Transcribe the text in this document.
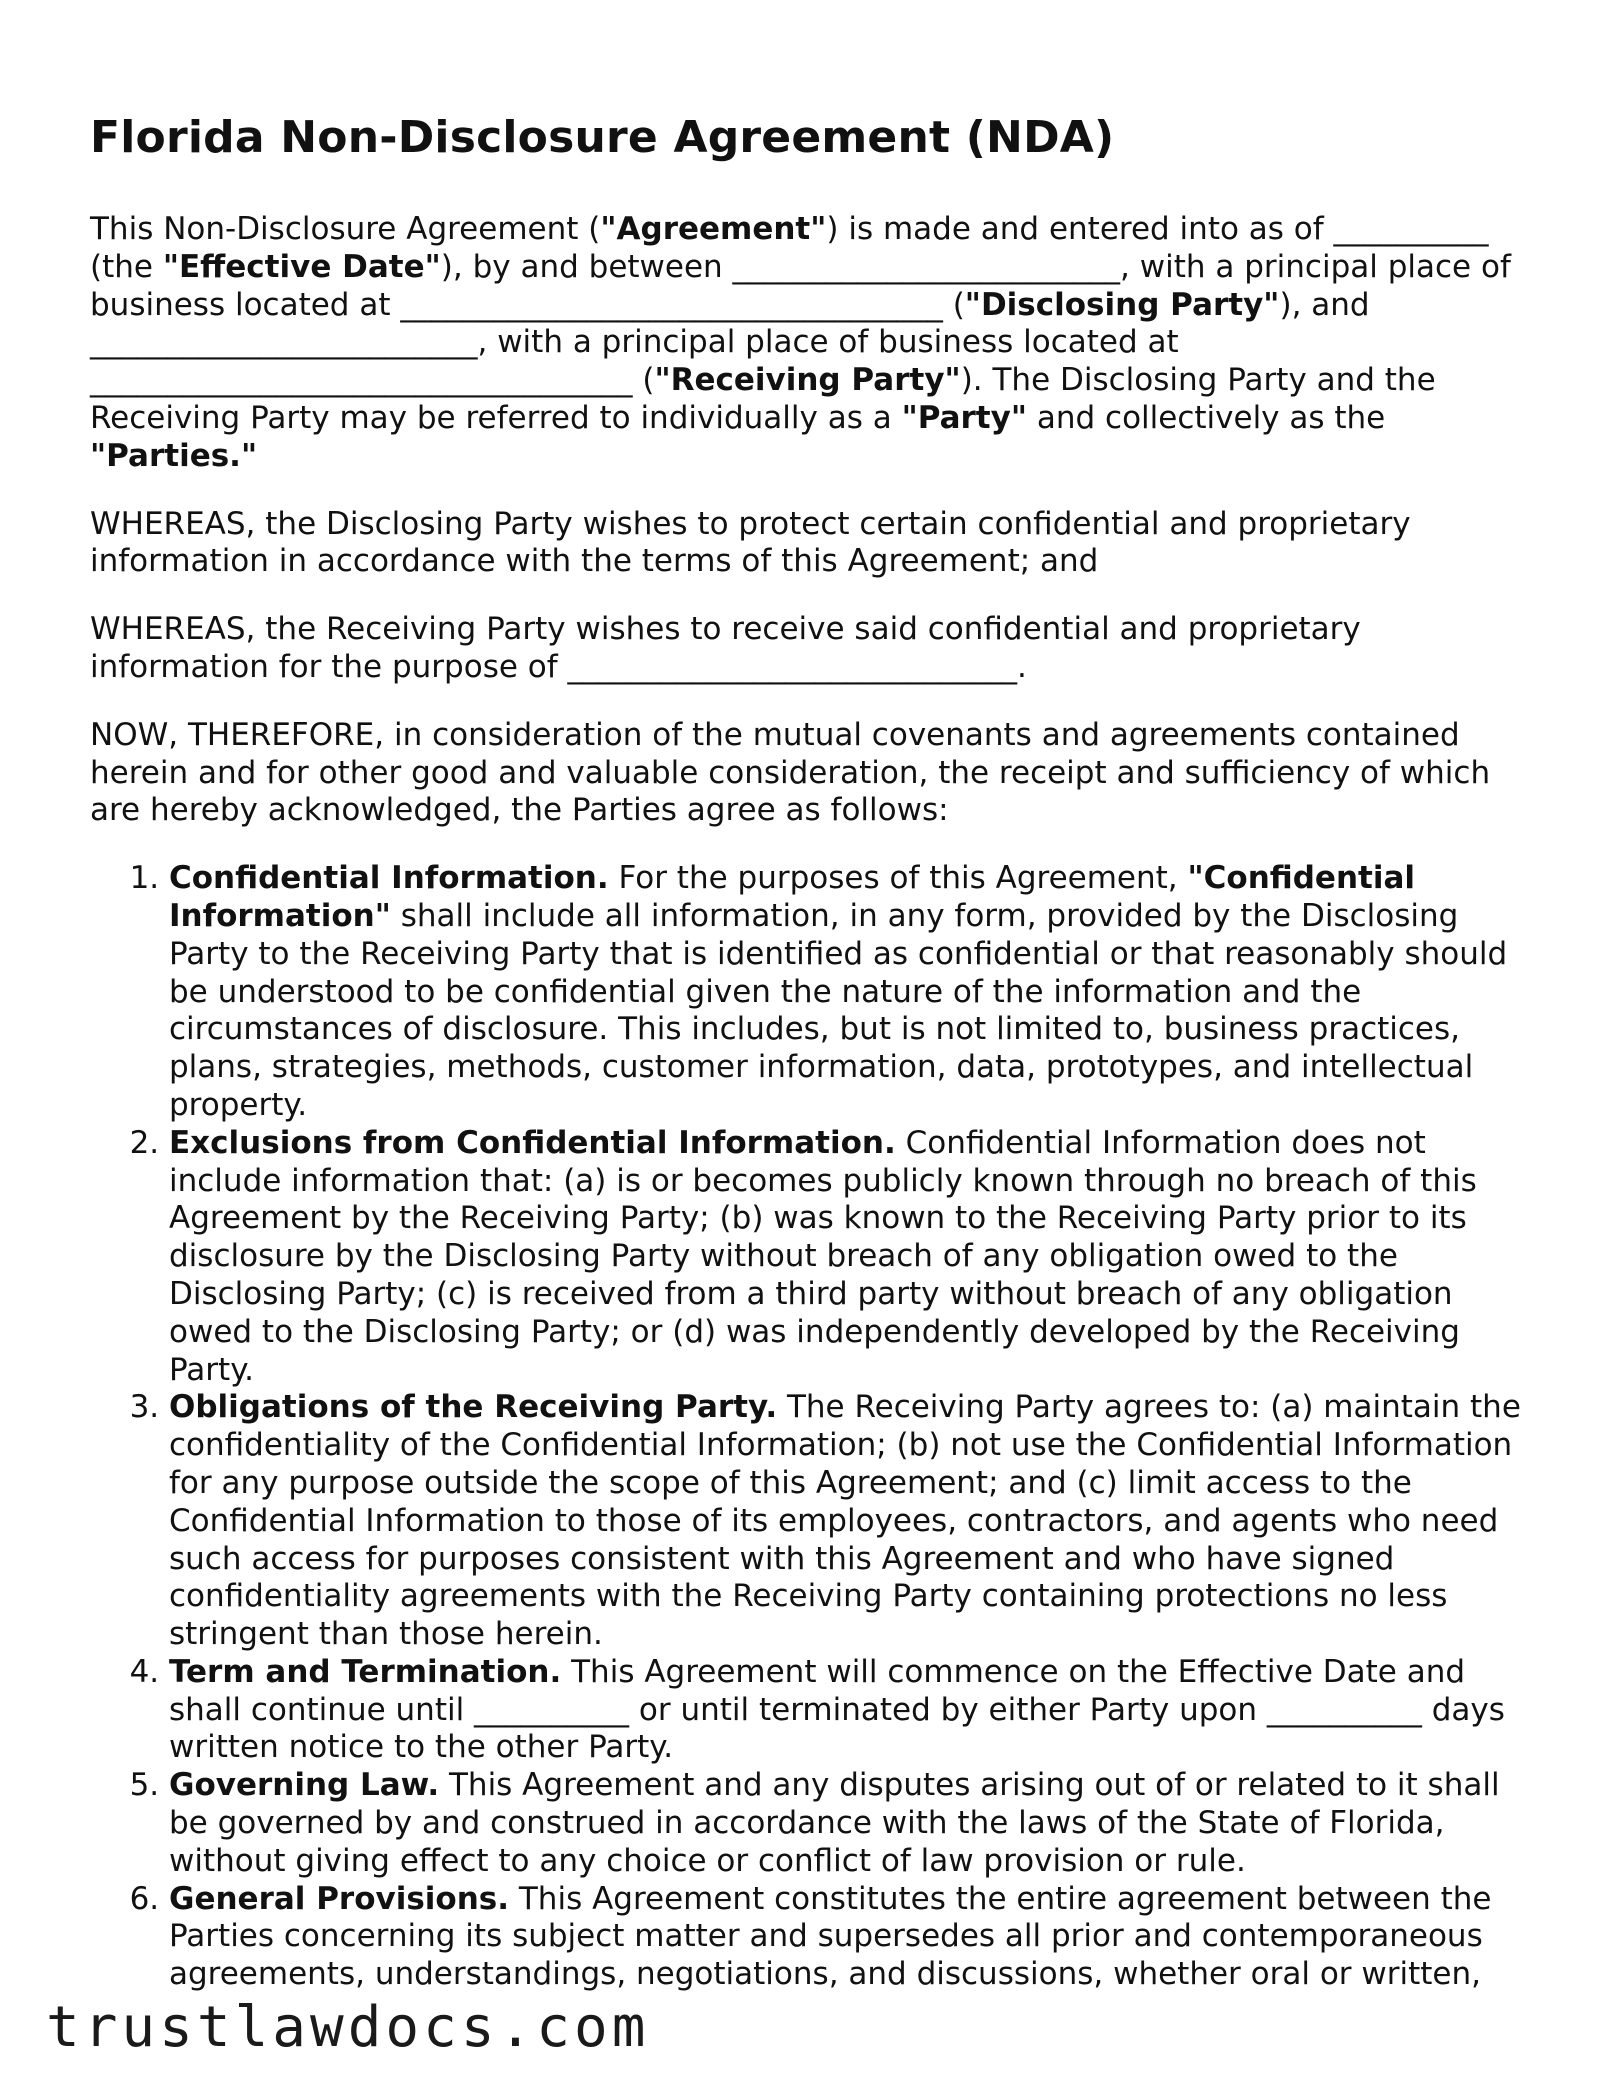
Florida Non-Disclosure Agreement (NDA)

This Non-Disclosure Agreement ("Agreement") is made and entered into as of __________ (the "Effective Date"), by and between _________________________, with a principal place of business located at ___________________________________ ("Disclosing Party"), and _________________________, with a principal place of business located at ___________________________________ ("Receiving Party"). The Disclosing Party and the Receiving Party may be referred to individually as a "Party" and collectively as the "Parties."

WHEREAS, the Disclosing Party wishes to protect certain confidential and proprietary information in accordance with the terms of this Agreement; and

WHEREAS, the Receiving Party wishes to receive said confidential and proprietary information for the purpose of _____________________________.

NOW, THEREFORE, in consideration of the mutual covenants and agreements contained herein and for other good and valuable consideration, the receipt and sufficiency of which are hereby acknowledged, the Parties agree as follows:

1. Confidential Information. For the purposes of this Agreement, "Confidential Information" shall include all information, in any form, provided by the Disclosing Party to the Receiving Party that is identified as confidential or that reasonably should be understood to be confidential given the nature of the information and the circumstances of disclosure. This includes, but is not limited to, business practices, plans, strategies, methods, customer information, data, prototypes, and intellectual property.
2. Exclusions from Confidential Information. Confidential Information does not include information that: (a) is or becomes publicly known through no breach of this Agreement by the Receiving Party; (b) was known to the Receiving Party prior to its disclosure by the Disclosing Party without breach of any obligation owed to the Disclosing Party; (c) is received from a third party without breach of any obligation owed to the Disclosing Party; or (d) was independently developed by the Receiving Party.
3. Obligations of the Receiving Party. The Receiving Party agrees to: (a) maintain the confidentiality of the Confidential Information; (b) not use the Confidential Information for any purpose outside the scope of this Agreement; and (c) limit access to the Confidential Information to those of its employees, contractors, and agents who need such access for purposes consistent with this Agreement and who have signed confidentiality agreements with the Receiving Party containing protections no less stringent than those herein.
4. Term and Termination. This Agreement will commence on the Effective Date and shall continue until __________ or until terminated by either Party upon __________ days written notice to the other Party.
5. Governing Law. This Agreement and any disputes arising out of or related to it shall be governed by and construed in accordance with the laws of the State of Florida, without giving effect to any choice or conflict of law provision or rule.
6. General Provisions. This Agreement constitutes the entire agreement between the Parties concerning its subject matter and supersedes all prior and contemporaneous agreements, understandings, negotiations, and discussions, whether oral or written,
trustlawdocs.com
